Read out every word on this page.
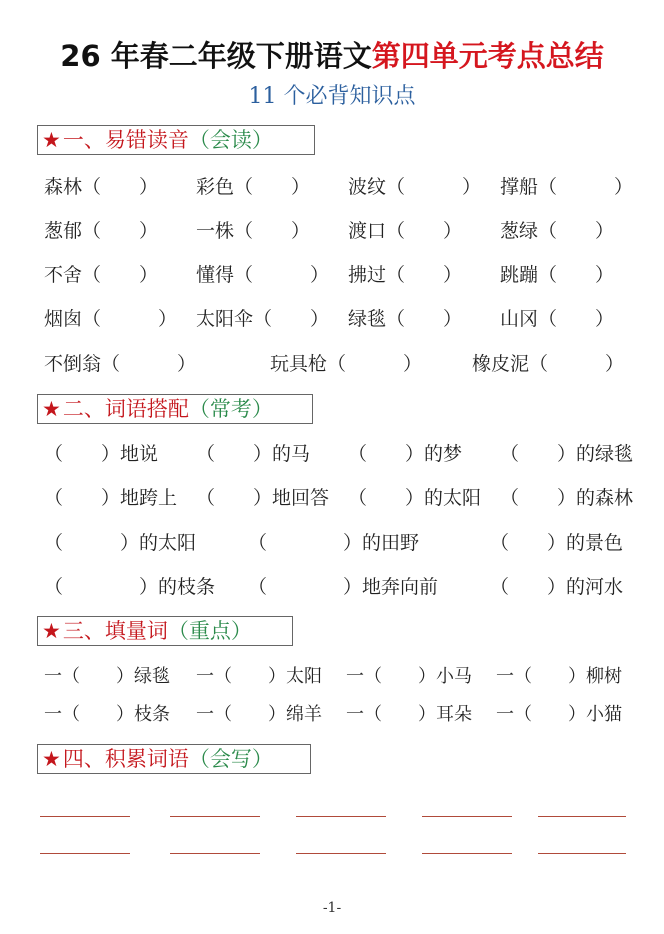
26 年春二年级下册语文第四单元考点总结
11 个必背知识点
★ 一、易错读音 （会读）
森林（　　） 彩色（　　） 波纹（　　　） 撑船（　　　）
葱郁（　　） 一株（　　） 渡口（　　） 葱绿（　　）
不舍（　　） 懂得（　　　） 拂过（　　） 跳蹦（　　）
烟囱（　　　） 太阳伞（　　） 绿毯（　　） 山冈（　　）
不倒翁（　　　）	玩具枪（　　　）	橡皮泥（　　　）
★ 二、词语搭配 （常考）
（　　）地说 （　　）的马 （　　）的梦 （　　）的绿毯
（　　）地跨上 （　　）地回答 （　　）的太阳 （　　）的森林
（　　　）的太阳	（　　　　）的田野	（　　）的景色
（　　　　）的枝条 （　　　　）地奔向前	（　　）的河水
★ 三、填量词 （重点）
一（　　）绿毯 一（　　）太阳 一（　　）小马 一（　　）柳树
一（　　）枝条 一（　　）绵羊 一（　　）耳朵 一（　　）小猫
★ 四、积累词语 （会写）
-1-
